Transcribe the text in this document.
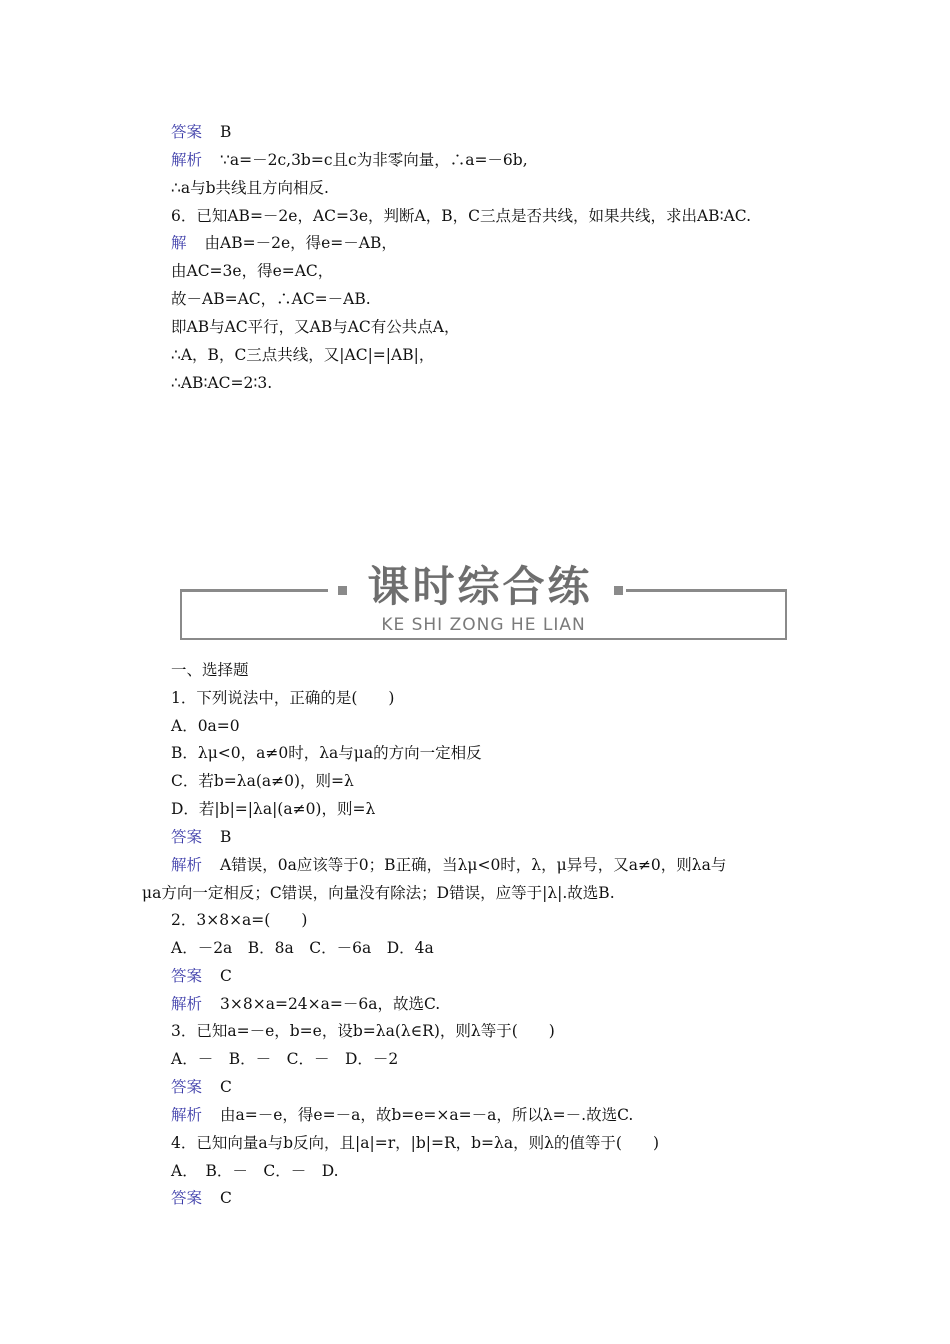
答案 B
解析 ∵a=－2c,3b=c且c为非零向量，∴a=－6b,
∴a与b共线且方向相反.
6．已知AB=－2e，AC=3e，判断A，B，C三点是否共线，如果共线，求出AB∶AC.
解 由AB=－2e，得e=－AB，
由AC=3e，得e=AC，
故－AB=AC，∴AC=－AB.
即AB与AC平行，又AB与AC有公共点A，
∴A，B，C三点共线，又|AC|=|AB|，
∴AB∶AC=2∶3.
课时综合练
KE SHI ZONG HE LIAN
一、选择题
1．下列说法中，正确的是(　　)
A．0a=0
B．λμ<0，a≠0时，λa与μa的方向一定相反
C．若b=λa(a≠0)，则=λ
D．若|b|=|λa|(a≠0)，则=λ
答案 B
解析 A错误，0a应该等于0；B正确，当λμ<0时，λ，μ异号，又a≠0，则λa与
μa方向一定相反；C错误，向量没有除法；D错误，应等于|λ|.故选B.
2．3×8×a=(　　)
A．－2a　B．8a　C．－6a　D．4a
答案 C
解析 3×8×a=24×a=－6a，故选C.
3．已知a=－e，b=e，设b=λa(λ∈R)，则λ等于(　　)
A．－　B．－　C．－　D．－2
答案 C
解析 由a=－e，得e=－a，故b=e=×a=－a，所以λ=－.故选C.
4．已知向量a与b反向，且|a|=r，|b|=R，b=λa，则λ的值等于(　　)
A．　B．－　C．－　D.
答案 C
